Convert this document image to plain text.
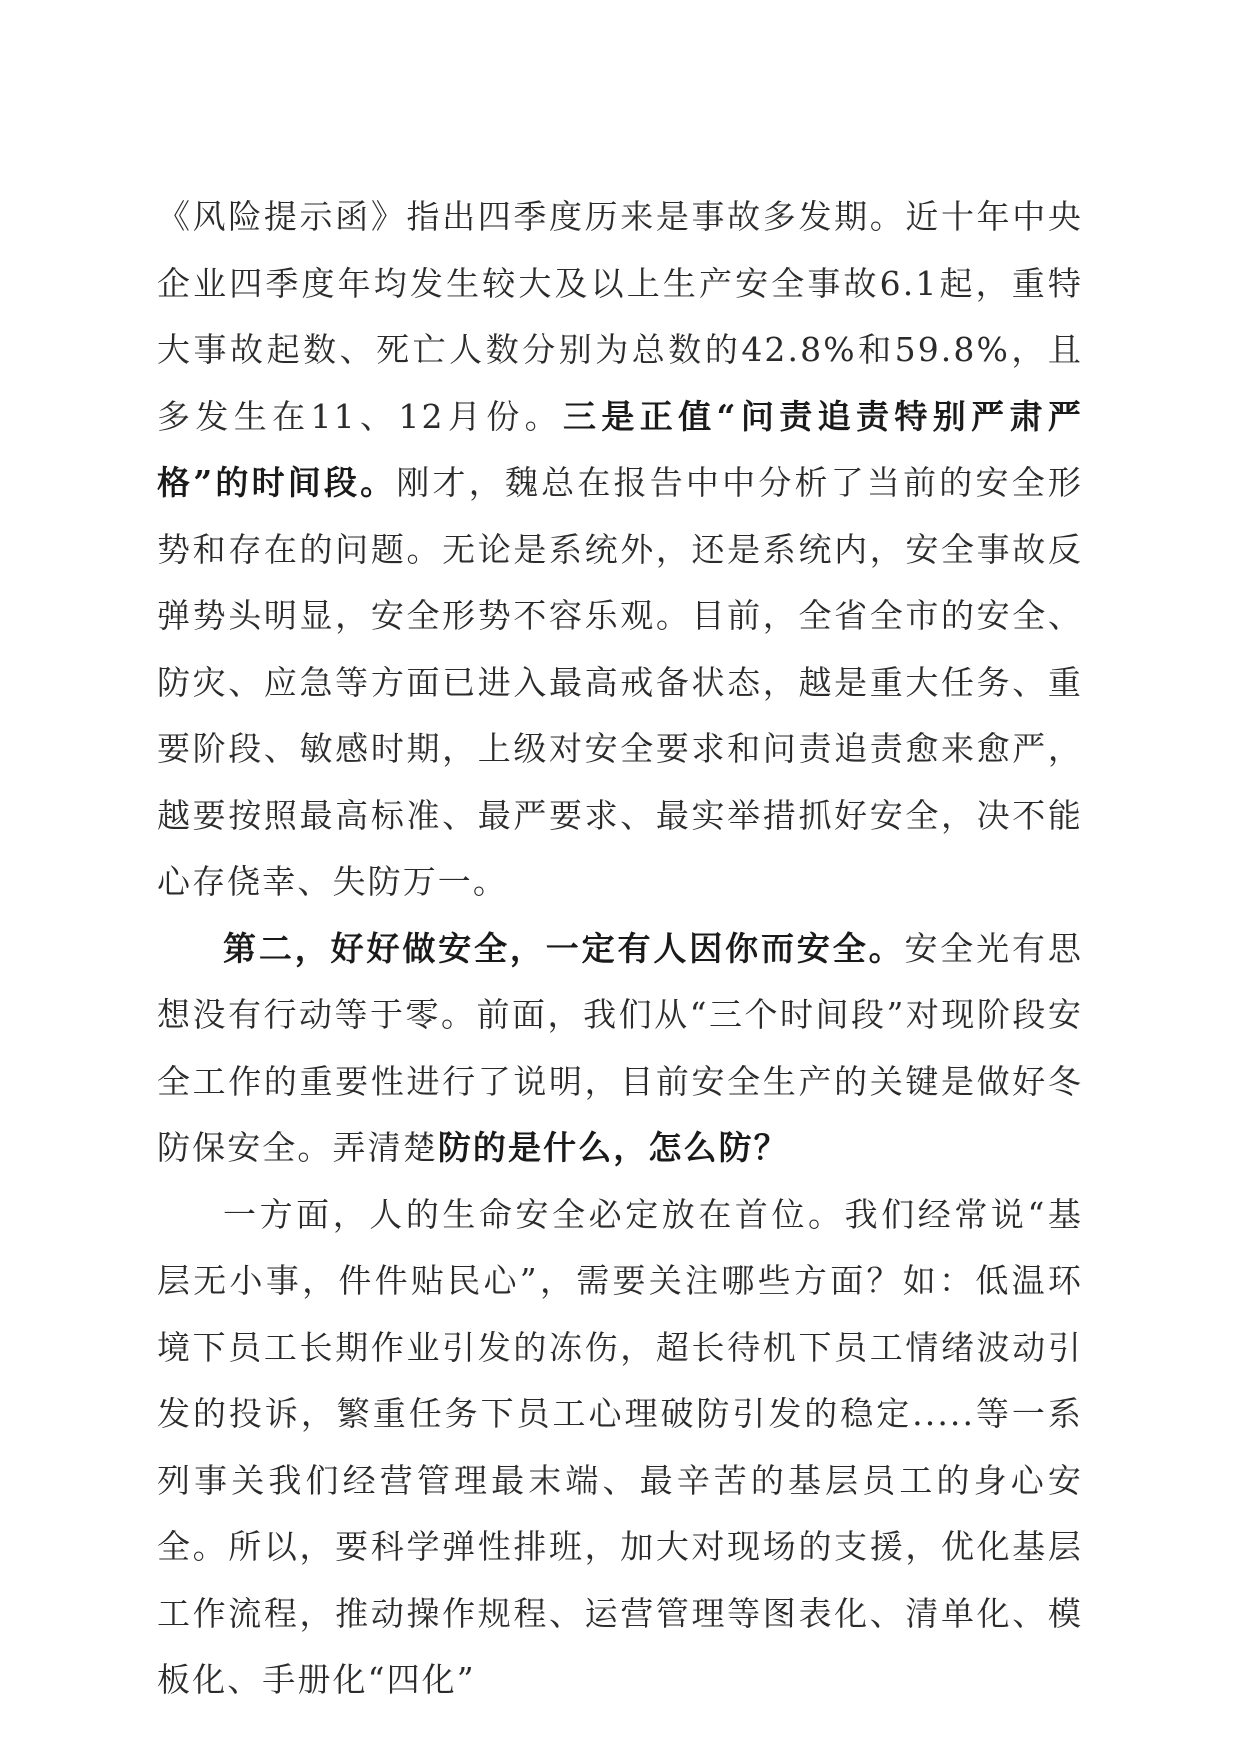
《风险提示函》指出四季度历来是事故多发期。近十年中央企业四季度年均发生较大及以上生产安全事故6.1起，重特大事故起数、死亡人数分别为总数的42.8%和59.8%，且多发生在11、12月份。三是正值“问责追责特别严肃严格”的时间段。刚才，魏总在报告中中分析了当前的安全形势和存在的问题。无论是系统外，还是系统内，安全事故反弹势头明显，安全形势不容乐观。目前，全省全市的安全、防灾、应急等方面已进入最高戒备状态，越是重大任务、重要阶段、敏感时期，上级对安全要求和问责追责愈来愈严，越要按照最高标准、最严要求、最实举措抓好安全，决不能心存侥幸、失防万一。

第二，好好做安全，一定有人因你而安全。安全光有思想没有行动等于零。前面，我们从“三个时间段”对现阶段安全工作的重要性进行了说明，目前安全生产的关键是做好冬防保安全。弄清楚防的是什么，怎么防？

一方面，人的生命安全必定放在首位。我们经常说“基层无小事，件件贴民心”，需要关注哪些方面？如：低温环境下员工长期作业引发的冻伤，超长待机下员工情绪波动引发的投诉，繁重任务下员工心理破防引发的稳定.....等一系列事关我们经营管理最末端、最辛苦的基层员工的身心安全。所以，要科学弹性排班，加大对现场的支援，优化基层工作流程，推动操作规程、运营管理等图表化、清单化、模板化、手册化“四化”
